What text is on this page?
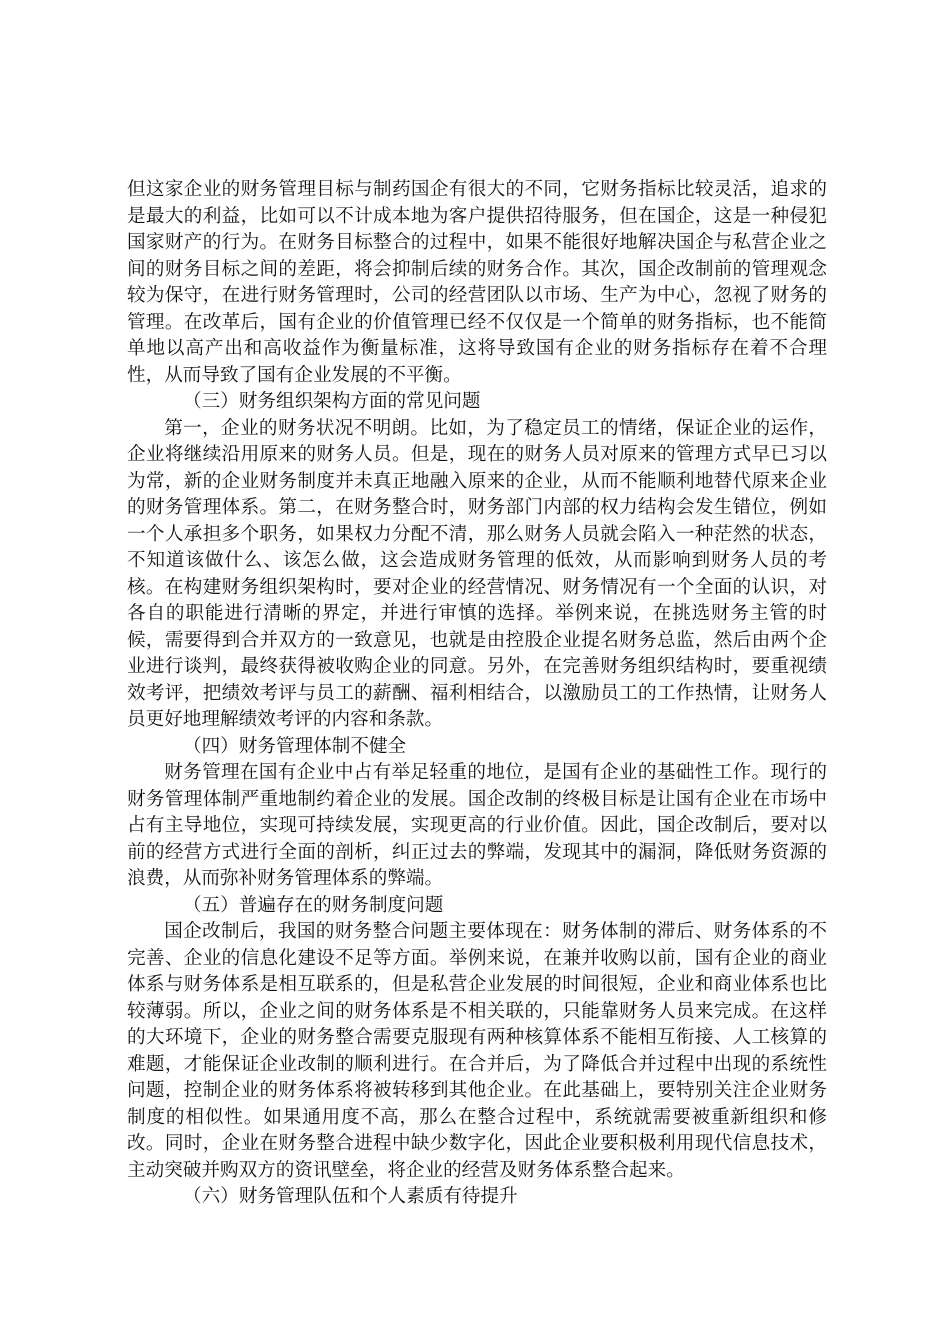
但这家企业的财务管理目标与制药国企有很大的不同，它财务指标比较灵活，追求的是最大的利益，比如可以不计成本地为客户提供招待服务，但在国企，这是一种侵犯国家财产的行为。在财务目标整合的过程中，如果不能很好地解决国企与私营企业之间的财务目标之间的差距，将会抑制后续的财务合作。其次，国企改制前的管理观念较为保守，在进行财务管理时，公司的经营团队以市场、生产为中心，忽视了财务的管理。在改革后，国有企业的价值管理已经不仅仅是一个简单的财务指标，也不能简单地以高产出和高收益作为衡量标准，这将导致国有企业的财务指标存在着不合理性，从而导致了国有企业发展的不平衡。

（三）财务组织架构方面的常见问题

第一，企业的财务状况不明朗。比如，为了稳定员工的情绪，保证企业的运作，企业将继续沿用原来的财务人员。但是，现在的财务人员对原来的管理方式早已习以为常，新的企业财务制度并未真正地融入原来的企业，从而不能顺利地替代原来企业的财务管理体系。第二，在财务整合时，财务部门内部的权力结构会发生错位，例如一个人承担多个职务，如果权力分配不清，那么财务人员就会陷入一种茫然的状态，不知道该做什么、该怎么做，这会造成财务管理的低效，从而影响到财务人员的考核。在构建财务组织架构时，要对企业的经营情况、财务情况有一个全面的认识，对各自的职能进行清晰的界定，并进行审慎的选择。举例来说，在挑选财务主管的时候，需要得到合并双方的一致意见，也就是由控股企业提名财务总监，然后由两个企业进行谈判，最终获得被收购企业的同意。另外，在完善财务组织结构时，要重视绩效考评，把绩效考评与员工的薪酬、福利相结合，以激励员工的工作热情，让财务人员更好地理解绩效考评的内容和条款。

（四）财务管理体制不健全

财务管理在国有企业中占有举足轻重的地位，是国有企业的基础性工作。现行的财务管理体制严重地制约着企业的发展。国企改制的终极目标是让国有企业在市场中占有主导地位，实现可持续发展，实现更高的行业价值。因此，国企改制后，要对以前的经营方式进行全面的剖析，纠正过去的弊端，发现其中的漏洞，降低财务资源的浪费，从而弥补财务管理体系的弊端。

（五）普遍存在的财务制度问题

国企改制后，我国的财务整合问题主要体现在：财务体制的滞后、财务体系的不完善、企业的信息化建设不足等方面。举例来说，在兼并收购以前，国有企业的商业体系与财务体系是相互联系的，但是私营企业发展的时间很短，企业和商业体系也比较薄弱。所以，企业之间的财务体系是不相关联的，只能靠财务人员来完成。在这样的大环境下，企业的财务整合需要克服现有两种核算体系不能相互衔接、人工核算的难题，才能保证企业改制的顺利进行。在合并后，为了降低合并过程中出现的系统性问题，控制企业的财务体系将被转移到其他企业。在此基础上，要特别关注企业财务制度的相似性。如果通用度不高，那么在整合过程中，系统就需要被重新组织和修改。同时，企业在财务整合进程中缺少数字化，因此企业要积极利用现代信息技术，主动突破并购双方的资讯壁垒，将企业的经营及财务体系整合起来。

（六）财务管理队伍和个人素质有待提升
